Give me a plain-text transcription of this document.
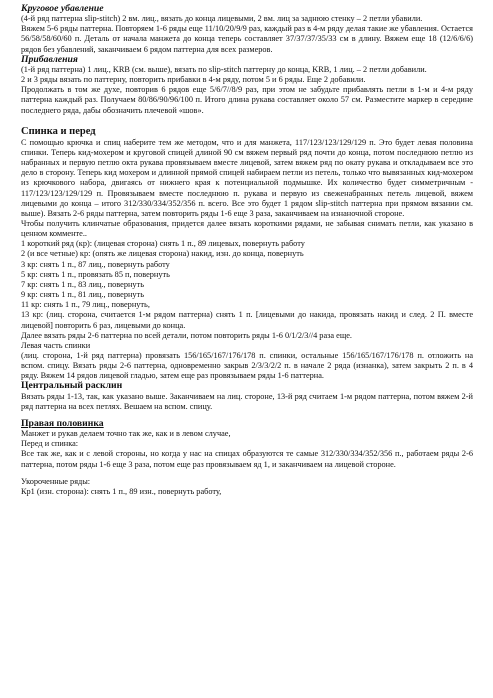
Круговое убавление

(4-й ряд паттерна slip-stitch) 2 вм. лиц., вязать до конца лицевыми, 2 вм. лиц за заднюю стенку – 2 петли убавили.

Вяжем 5-6 ряды паттерна. Повторяем 1-6 ряды еще 11/10/20/9/9 раз, каждый раз в 4-м ряду делая такие же убавления. Остается 56/58/58/60/60 п. Деталь от начала манжета до конца теперь составляет 37/37/37/35/33 см в длину. Вяжем еще 18 (12/6/6/6) рядов без убавлений, заканчиваем 6 рядом паттерна для всех размеров.

Прибавления

(1-й ряд паттерна) 1 лиц., KRB (см. выше), вязать по slip-stitch паттерну до конца, KRB, 1 лиц. – 2 петли добавили.

2 и 3 ряды вязать по паттерну, повторить прибавки в 4-м ряду, потом 5 и 6 ряды. Еще 2 добавили.

Продолжать в том же духе, повторив 6 рядов еще 5/6/7//8/9 раз, при этом не забудьте прибавлять петли в 1-м и 4-м ряду паттерна каждый раз. Получаем 80/86/90/96/100 п. Итого длина рукава составляет около 57 см. Разместите маркер в середине последнего ряда, дабы обозначить плечевой «шов».

Спинка и перед

С помощью крючка и спиц наберите тем же методом, что и для манжета, 117/123/123/129/129 п. Это будет левая половина спинки. Теперь кид-мохером и круговой спицей длиной 90 см вяжем первый ряд почти до конца, потом последнюю петлю из набранных и первую петлю окта рукава провязываем вместе лицевой, затем вяжем ряд по окату рукава и откладываем все это дело в сторону. Теперь кид мохером и длинной прямой спицей набираем петли из петель, только что вывязанных кид-мохером из крючкового набора, двигаясь от нижнего края к потенциальной подмышке. Их количество будет симметричным - 117/123/123/129/129 п. Провязываем вместе последнюю п. рукава и первую из свеженабранных петель лицевой, вяжем лицевыми до конца – итого 312/330/334/352/356 п. всего. Все это будет 1 рядом slip-stitch паттерна при прямом вязании см. выше). Вязать 2-6 ряды паттерна, затем повторить ряды 1-6 еще 3 раза, заканчиваем на изнаночной стороне.

Чтобы получить клинчатые образования, придется далее вязать короткими рядами, не забывая снимать петли, как указано в ценном комменте..

1 короткий ряд (кр): (лицевая сторона) снять 1 п., 89 лицевых, повернуть работу

2 (и все четные) кр: (опять же лицевая сторона) накид, изн. до конца, повернуть

3 кр: снять 1 п., 87 лиц., повернуть работу

5 кр: снять 1 п., провязать 85 п, повернуть

7 кр: снять 1 п., 83 лиц., повернуть

9 кр: снять 1 п., 81 лиц., повернуть

11 кр: снять 1 п., 79 лиц., повернуть,

13 кр: (лиц. сторона, считается 1-м рядом паттерна) снять 1 п. [лицевыми до накида, провязать накид и след. 2 П. вместе лицевой] повторить 6 раз, лицевыми до конца.

Далее вязать ряды 2-6 паттерна по всей детали, потом повторить ряды 1-6 0/1/2/3//4 раза еще.

Левая часть спинки

(лиц. сторона, 1-й ряд паттерна) провязать 156/165/167/176/178 п. спинки, остальные 156/165/167/176/178 п. отложить на вспом. спицу. Вязать ряды 2-6 паттерна, одновременно закрыв 2/3/3/2/2 п. в начале 2 ряда (изнанка), затем закрыть 2 п. в 4 ряду. Вяжем 14 рядов лицевой гладью, затем еще раз провязываем ряды 1-6 паттерна.

Центральный расклин

Вязать ряды 1-13, так, как указано выше. Заканчиваем на лиц. стороне, 13-й ряд считаем 1-м рядом паттерна, потом вяжем 2-й ряд паттерна на всех петлях. Вешаем на вспом. спицу.

Правая половинка

Манжет и рукав делаем точно так же, как и в левом случае,

Перед и спинка:

Все так же, как и с левой стороны, но когда у нас на спицах образуются те самые 312/330/334/352/356 п., работаем ряды 2-6 паттерна, потом ряды 1-6 еще 3 раза, потом еще раз провязываем яд 1, и заканчиваем на лицевой стороне.

Укороченные ряды:

Кр1 (изн. сторона): снять 1 п., 89 изн., повернуть работу,
